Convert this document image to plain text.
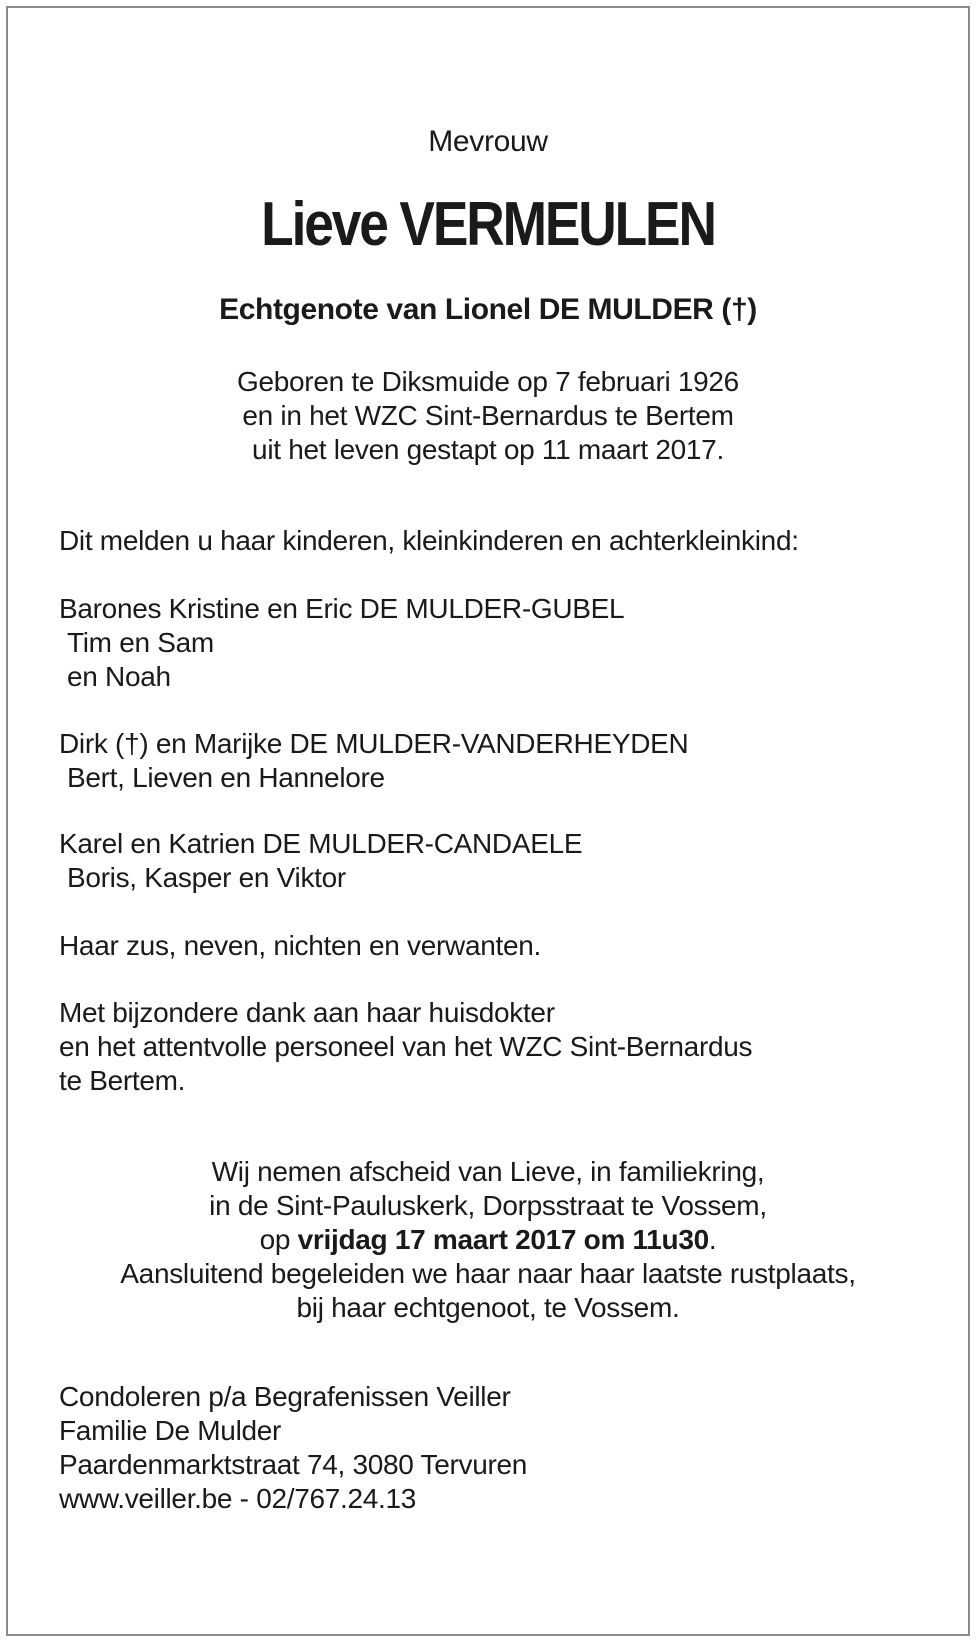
Mevrouw
Lieve VERMEULEN
Echtgenote van Lionel DE MULDER (†)
Geboren te Diksmuide op 7 februari 1926
en in het WZC Sint-Bernardus te Bertem
uit het leven gestapt op 11 maart 2017.
Dit melden u haar kinderen, kleinkinderen en achterkleinkind:
Barones Kristine en Eric DE MULDER-GUBEL
Tim en Sam
en Noah
Dirk (†) en Marijke DE MULDER-VANDERHEYDEN
Bert, Lieven en Hannelore
Karel en Katrien DE MULDER-CANDAELE
Boris, Kasper en Viktor
Haar zus, neven, nichten en verwanten.
Met bijzondere dank aan haar huisdokter
en het attentvolle personeel van het WZC Sint-Bernardus
te Bertem.
Wij nemen afscheid van Lieve, in familiekring,
in de Sint-Pauluskerk, Dorpsstraat te Vossem,
op vrijdag 17 maart 2017 om 11u30.
Aansluitend begeleiden we haar naar haar laatste rustplaats,
bij haar echtgenoot, te Vossem.
Condoleren p/a Begrafenissen Veiller
Familie De Mulder
Paardenmarktstraat 74, 3080 Tervuren
www.veiller.be - 02/767.24.13
